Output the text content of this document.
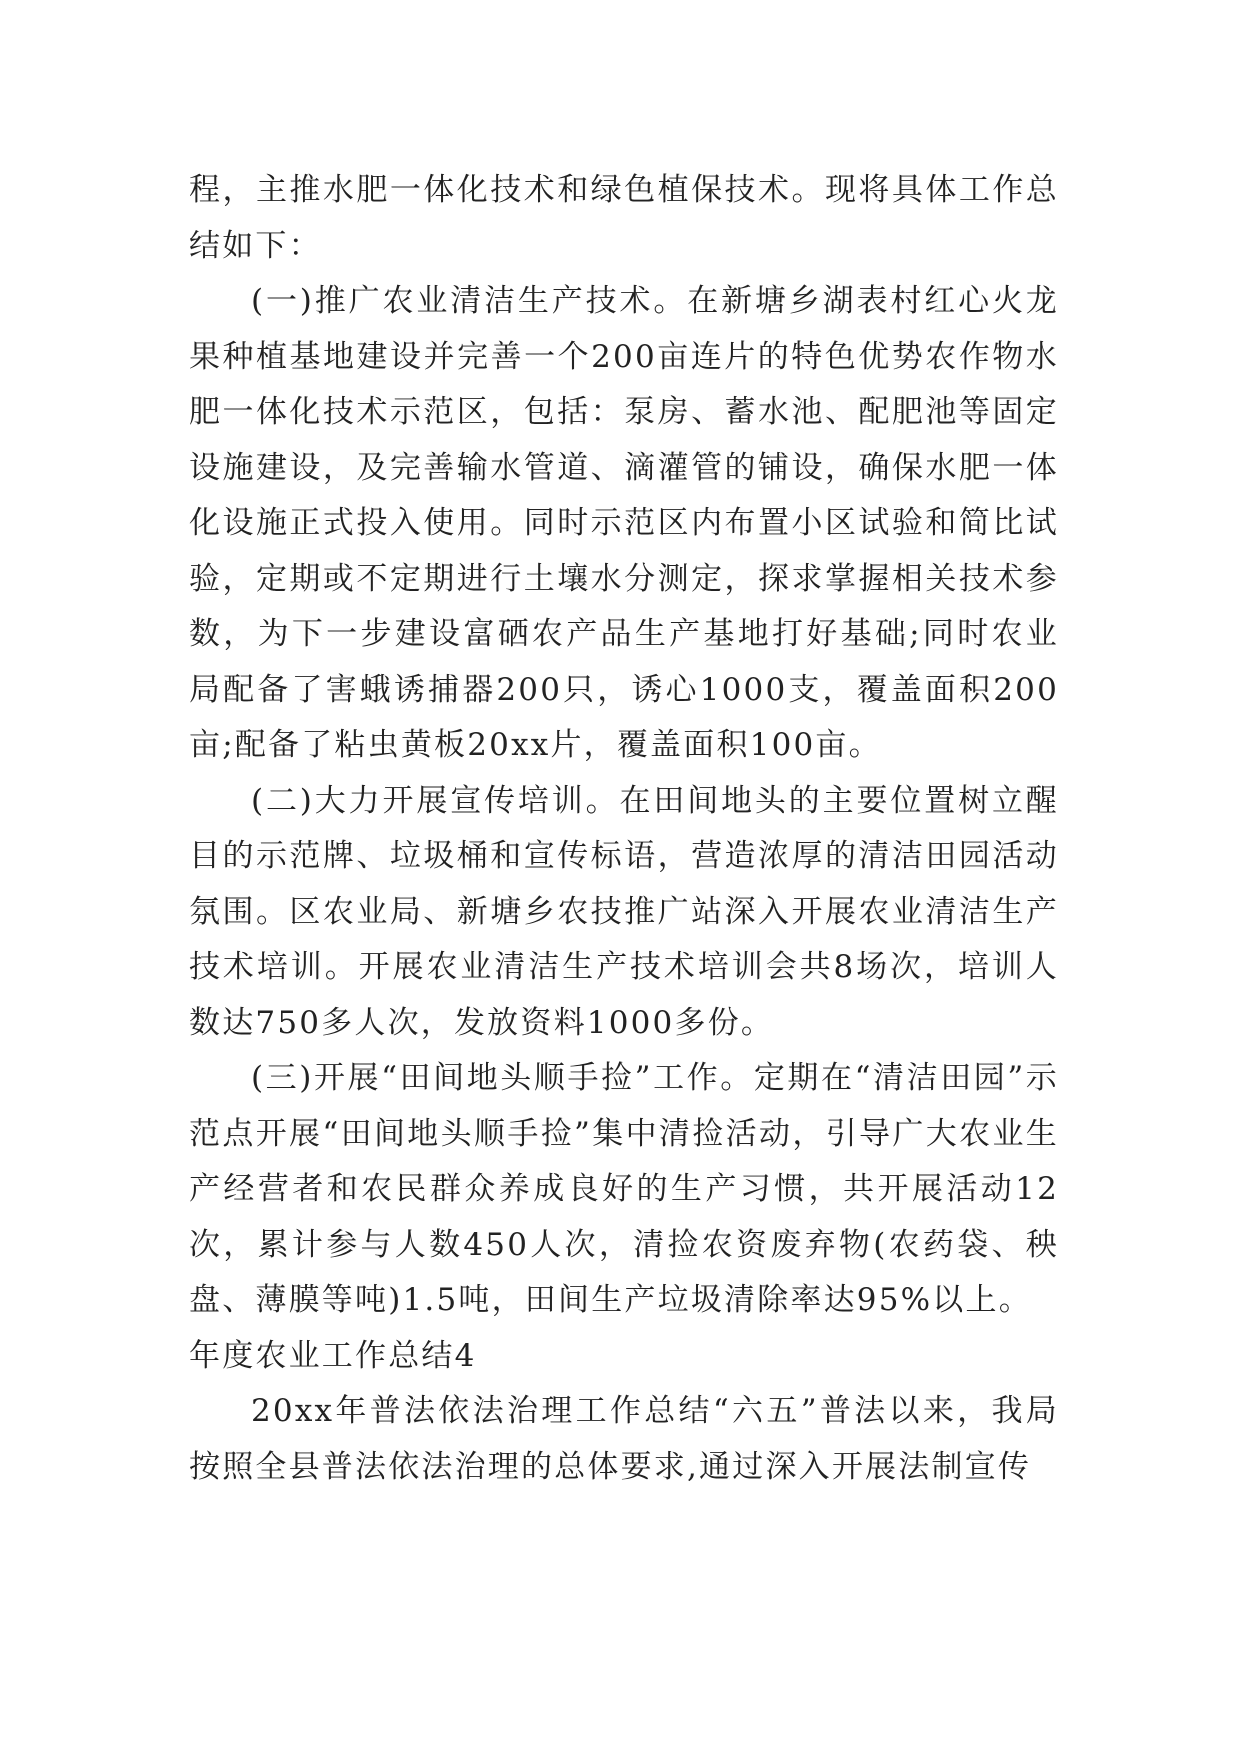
程，主推水肥一体化技术和绿色植保技术。现将具体工作总结如下：

(一)推广农业清洁生产技术。在新塘乡湖表村红心火龙果种植基地建设并完善一个200亩连片的特色优势农作物水肥一体化技术示范区，包括：泵房、蓄水池、配肥池等固定设施建设，及完善输水管道、滴灌管的铺设，确保水肥一体化设施正式投入使用。同时示范区内布置小区试验和简比试验，定期或不定期进行土壤水分测定，探求掌握相关技术参数，为下一步建设富硒农产品生产基地打好基础;同时农业局配备了害蛾诱捕器200只，诱心1000支，覆盖面积200亩;配备了粘虫黄板20xx片，覆盖面积100亩。

(二)大力开展宣传培训。在田间地头的主要位置树立醒目的示范牌、垃圾桶和宣传标语，营造浓厚的清洁田园活动氛围。区农业局、新塘乡农技推广站深入开展农业清洁生产技术培训。开展农业清洁生产技术培训会共8场次，培训人数达750多人次，发放资料1000多份。

(三)开展“田间地头顺手捡”工作。定期在“清洁田园”示范点开展“田间地头顺手捡”集中清捡活动，引导广大农业生产经营者和农民群众养成良好的生产习惯，共开展活动12次，累计参与人数450人次，清捡农资废弃物(农药袋、秧盘、薄膜等吨)1.5吨，田间生产垃圾清除率达95%以上。

年度农业工作总结4

20xx年普法依法治理工作总结“六五”普法以来，我局按照全县普法依法治理的总体要求,通过深入开展法制宣传
